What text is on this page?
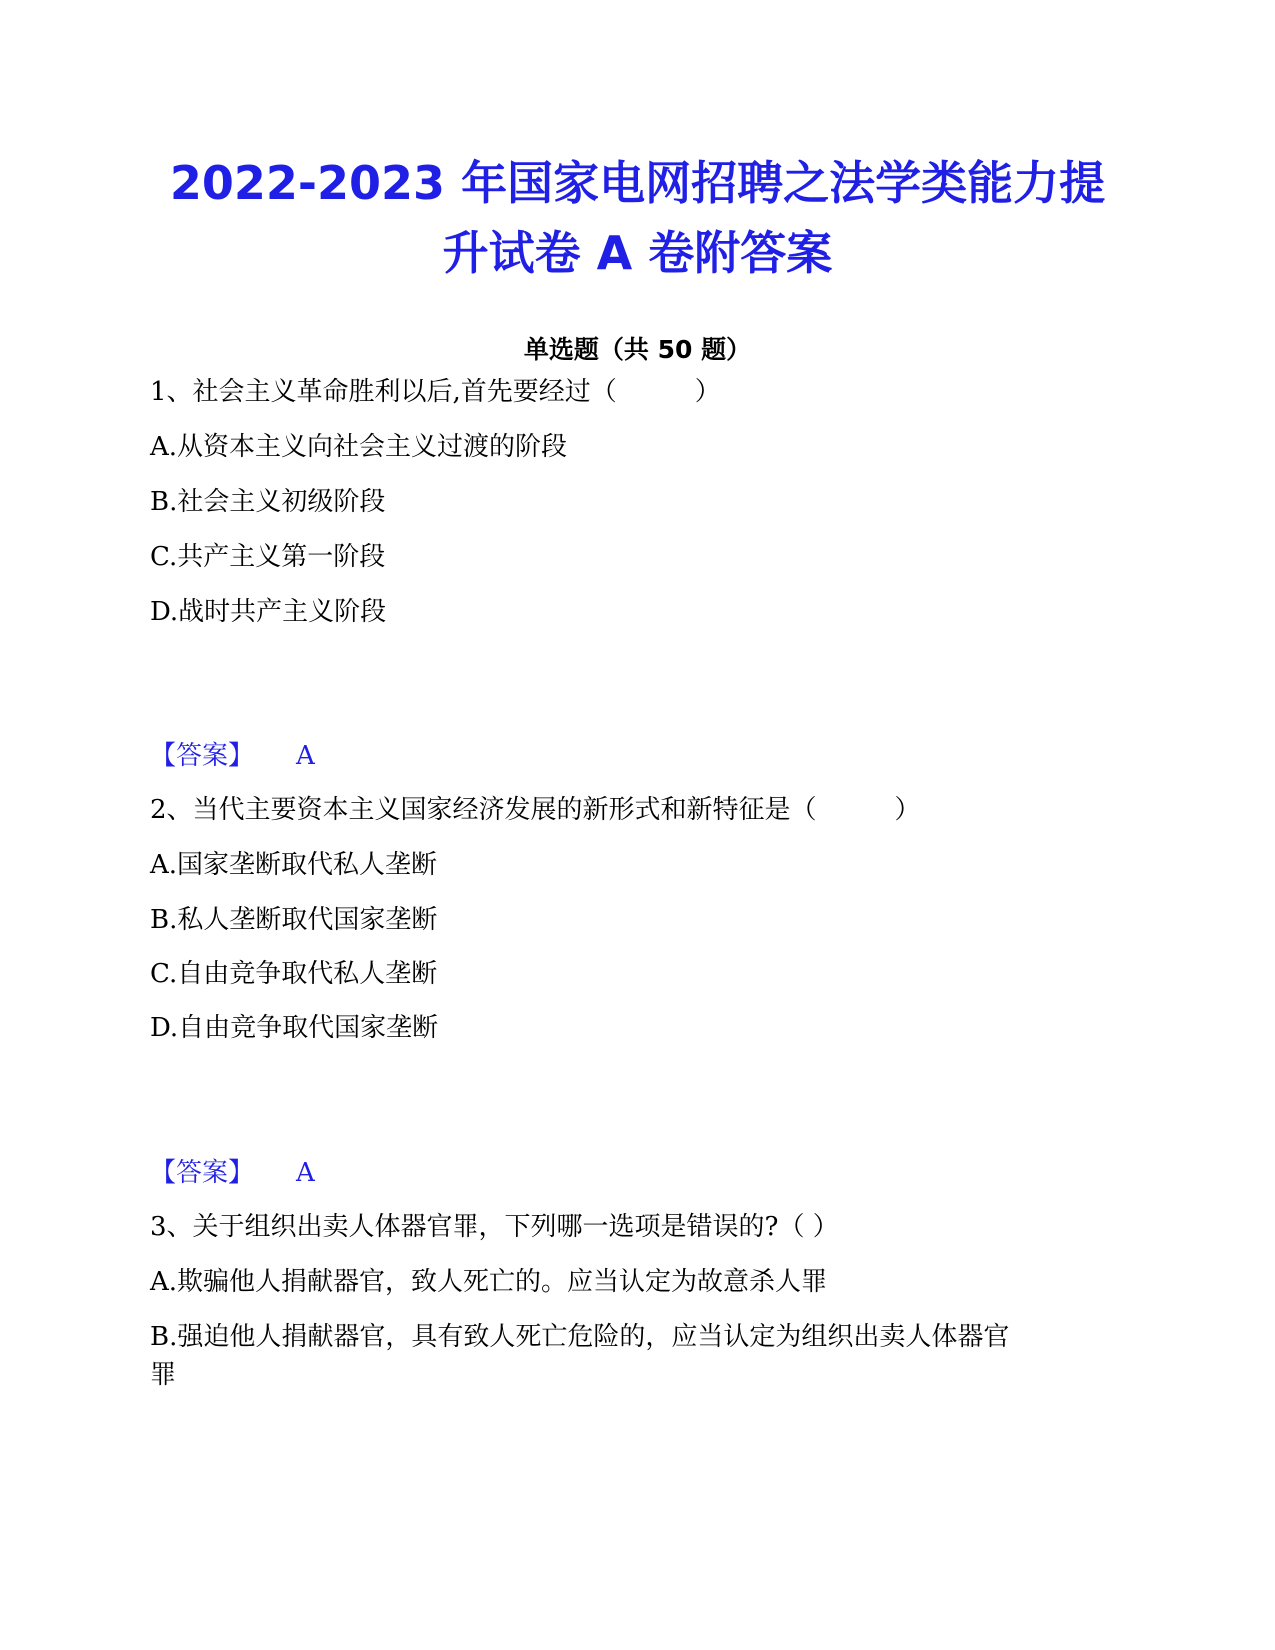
2022-2023 年国家电网招聘之法学类能力提
升试卷 A 卷附答案
单选题（共 50 题）
1、社会主义革命胜利以后,首先要经过（　　　）
A.从资本主义向社会主义过渡的阶段
B.社会主义初级阶段
C.共产主义第一阶段
D.战时共产主义阶段
【答案】 A
2、当代主要资本主义国家经济发展的新形式和新特征是（　　　）
A.国家垄断取代私人垄断
B.私人垄断取代国家垄断
C.自由竞争取代私人垄断
D.自由竞争取代国家垄断
【答案】 A
3、关于组织出卖人体器官罪，下列哪一选项是错误的?（ ）
A.欺骗他人捐献器官，致人死亡的。应当认定为故意杀人罪
B.强迫他人捐献器官，具有致人死亡危险的，应当认定为组织出卖人体器官
罪
